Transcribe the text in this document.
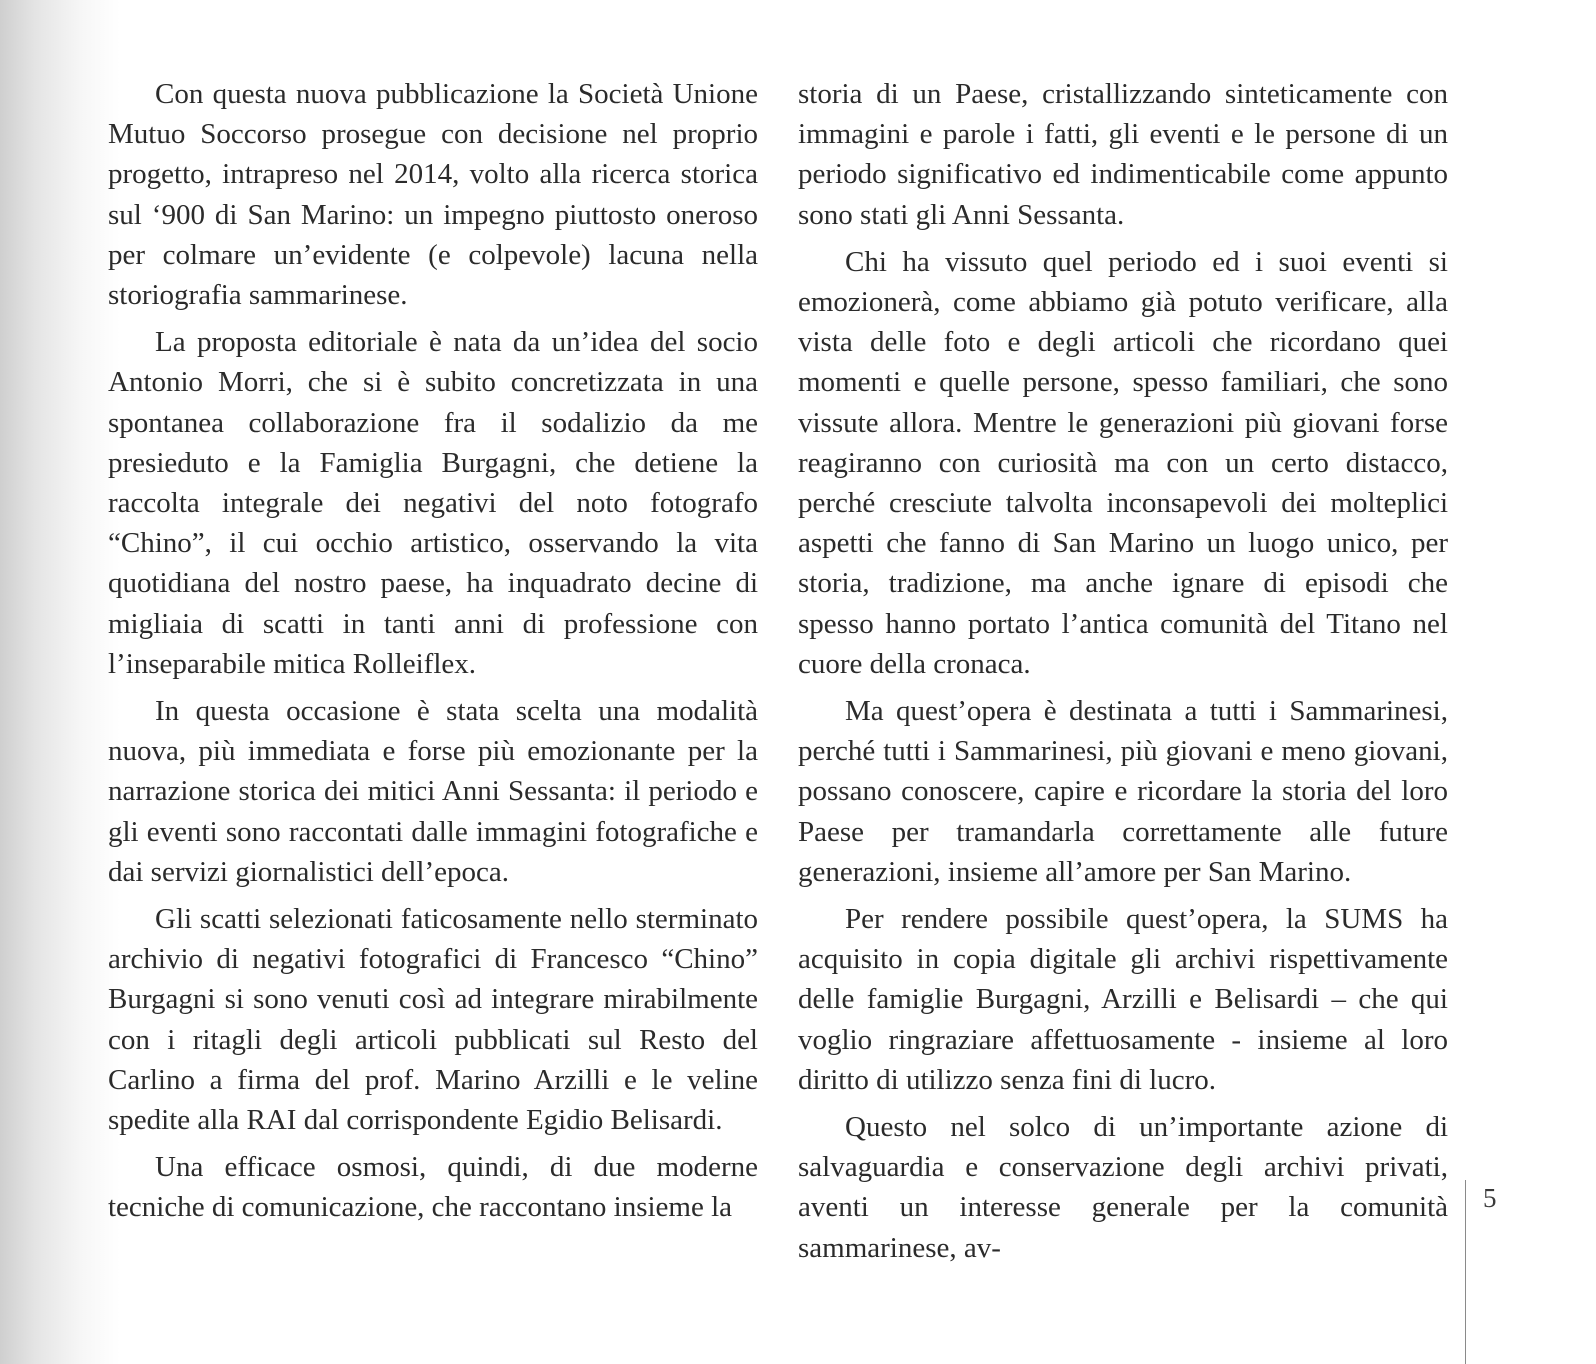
Con questa nuova pubblicazione la Società Unione Mutuo Soccorso prosegue con decisione nel proprio progetto, intrapreso nel 2014, volto alla ricerca storica sul ‘900 di San Marino: un impegno piuttosto oneroso per colmare un’evidente (e colpevole) lacuna nella storiografia sammarinese.

La proposta editoriale è nata da un’idea del socio Antonio Morri, che si è subito concretizzata in una spontanea collaborazione fra il sodalizio da me presieduto e la Famiglia Burgagni, che detiene la raccolta integrale dei negativi del noto fotografo “Chino”, il cui occhio artistico, osservando la vita quotidiana del nostro paese, ha inquadrato decine di migliaia di scatti in tanti anni di professione con l’inseparabile mitica Rolleiflex.

In questa occasione è stata scelta una modalità nuova, più immediata e forse più emozionante per la narrazione storica dei mitici Anni Sessanta: il periodo e gli eventi sono raccontati dalle immagini fotografiche e dai servizi giornalistici dell’epoca.

Gli scatti selezionati faticosamente nello sterminato archivio di negativi fotografici di Francesco “Chino” Burgagni si sono venuti così ad integrare mirabilmente con i ritagli degli articoli pubblicati sul Resto del Carlino a firma del prof. Marino Arzilli e le veline spedite alla RAI dal corrispondente Egidio Belisardi.

Una efficace osmosi, quindi, di due moderne tecniche di comunicazione, che raccontano insieme la

storia di un Paese, cristallizzando sinteticamente con immagini e parole i fatti, gli eventi e le persone di un periodo significativo ed indimenticabile come appunto sono stati gli Anni Sessanta.

Chi ha vissuto quel periodo ed i suoi eventi si emozionerà, come abbiamo già potuto verificare, alla vista delle foto e degli articoli che ricordano quei momenti e quelle persone, spesso familiari, che sono vissute allora. Mentre le generazioni più giovani forse reagiranno con curiosità ma con un certo distacco, perché cresciute talvolta inconsapevoli dei molteplici aspetti che fanno di San Marino un luogo unico, per storia, tradizione, ma anche ignare di episodi che spesso hanno portato l’antica comunità del Titano nel cuore della cronaca.

Ma quest’opera è destinata a tutti i Sammarinesi, perché tutti i Sammarinesi, più giovani e meno giovani, possano conoscere, capire e ricordare la storia del loro Paese per tramandarla correttamente alle future generazioni, insieme all’amore per San Marino.

Per rendere possibile quest’opera, la SUMS ha acquisito in copia digitale gli archivi rispettivamente delle famiglie Burgagni, Arzilli e Belisardi – che qui voglio ringraziare affettuosamente - insieme al loro diritto di utilizzo senza fini di lucro.

Questo nel solco di un’importante azione di salvaguardia e conservazione degli archivi privati, aventi un interesse generale per la comunità sammarinese, av-

5
